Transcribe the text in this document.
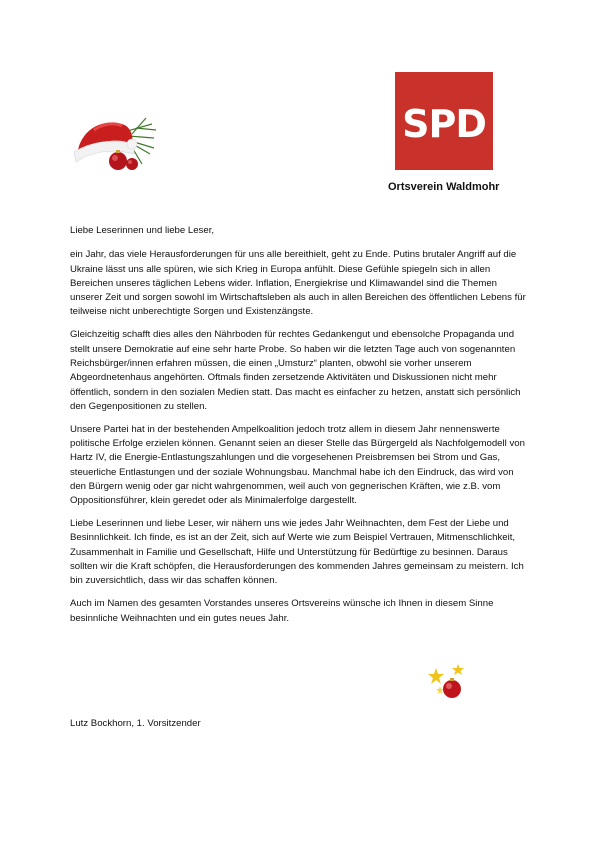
SPD
Ortsverein Waldmohr

Liebe Leserinnen und liebe Leser,

ein Jahr, das viele Herausforderungen für uns alle bereithielt, geht zu Ende. Putins brutaler Angriff auf die Ukraine lässt uns alle spüren, wie sich Krieg in Europa anfühlt. Diese Gefühle spiegeln sich in allen Bereichen unseres täglichen Lebens wider. Inflation, Energiekrise und Klimawandel sind die Themen unserer Zeit und sorgen sowohl im Wirtschaftsleben als auch in allen Bereichen des öffentlichen Lebens für teilweise nicht unberechtigte Sorgen und Existenzängste.

Gleichzeitig schafft dies alles den Nährboden für rechtes Gedankengut und ebensolche Propaganda und stellt unsere Demokratie auf eine sehr harte Probe. So haben wir die letzten Tage auch von sogenannten Reichsbürger/innen erfahren müssen, die einen „Umsturz“ planten, obwohl sie vorher unserem Abgeordnetenhaus angehörten. Oftmals finden zersetzende Aktivitäten und Diskussionen nicht mehr öffentlich, sondern in den sozialen Medien statt. Das macht es einfacher zu hetzen, anstatt sich persönlich den Gegenpositionen zu stellen.

Unsere Partei hat in der bestehenden Ampelkoalition jedoch trotz allem in diesem Jahr nennenswerte politische Erfolge erzielen können. Genannt seien an dieser Stelle das Bürgergeld als Nachfolgemodell von Hartz IV, die Energie-Entlastungszahlungen und die vorgesehenen Preisbremsen bei Strom und Gas, steuerliche Entlastungen und der soziale Wohnungsbau. Manchmal habe ich den Eindruck, das wird von den Bürgern wenig oder gar nicht wahrgenommen, weil auch von gegnerischen Kräften, wie z.B. vom Oppositionsführer, klein geredet oder als Minimalerfolge dargestellt.

Liebe Leserinnen und liebe Leser, wir nähern uns wie jedes Jahr Weihnachten, dem Fest der Liebe und Besinnlichkeit. Ich finde, es ist an der Zeit, sich auf Werte wie zum Beispiel Vertrauen, Mitmenschlichkeit, Zusammenhalt in Familie und Gesellschaft, Hilfe und Unterstützung für Bedürftige zu besinnen. Daraus sollten wir die Kraft schöpfen, die Herausforderungen des kommenden Jahres gemeinsam zu meistern. Ich bin zuversichtlich, dass wir das schaffen können.

Auch im Namen des gesamten Vorstandes unseres Ortsvereins wünsche ich Ihnen in diesem Sinne besinnliche Weihnachten und ein gutes neues Jahr.

Lutz Bockhorn, 1. Vorsitzender
